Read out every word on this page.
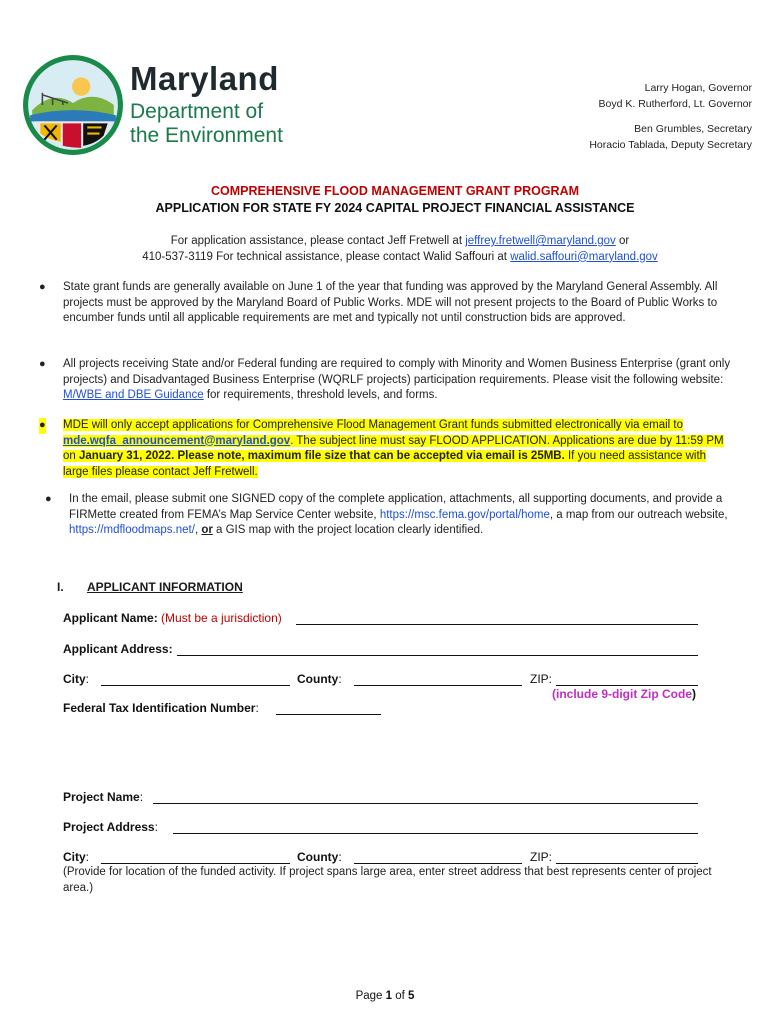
Maryland
Department of
the Environment
Larry Hogan, Governor
Boyd K. Rutherford, Lt. Governor
Ben Grumbles, Secretary
Horacio Tablada, Deputy Secretary
COMPREHENSIVE FLOOD MANAGEMENT GRANT PROGRAM
APPLICATION FOR STATE FY 2024 CAPITAL PROJECT FINANCIAL ASSISTANCE
For application assistance, please contact Jeff Fretwell at jeffrey.fretwell@maryland.gov or
410-537-3119 For technical assistance, please contact Walid Saffouri at walid.saffouri@maryland.gov
● State grant funds are generally available on June 1 of the year that funding was approved by the Maryland General Assembly. All projects must be approved by the Maryland Board of Public Works. MDE will not present projects to the Board of Public Works to encumber funds until all applicable requirements are met and typically not until construction bids are approved.
● All projects receiving State and/or Federal funding are required to comply with Minority and Women Business Enterprise (grant only projects) and Disadvantaged Business Enterprise (WQRLF projects) participation requirements. Please visit the following website: M/WBE and DBE Guidance for requirements, threshold levels, and forms.
● MDE will only accept applications for Comprehensive Flood Management Grant funds submitted electronically via email to mde.wqfa_announcement@maryland.gov. The subject line must say FLOOD APPLICATION. Applications are due by 11:59 PM on January 31, 2022. Please note, maximum file size that can be accepted via email is 25MB. If you need assistance with large files please contact Jeff Fretwell.
● In the email, please submit one SIGNED copy of the complete application, attachments, all supporting documents, and provide a FIRMette created from FEMA’s Map Service Center website, https://msc.fema.gov/portal/home, a map from our outreach website, https://mdfloodmaps.net/, or a GIS map with the project location clearly identified.
I. APPLICANT INFORMATION
Applicant Name: (Must be a jurisdiction)
Applicant Address:
City:	County:	ZIP:
(include 9-digit Zip Code)
Federal Tax Identification Number:
Project Name:
Project Address:
City:	County:	ZIP:
(Provide for location of the funded activity. If project spans large area, enter street address that best represents center of project area.)
Page 1 of 5
